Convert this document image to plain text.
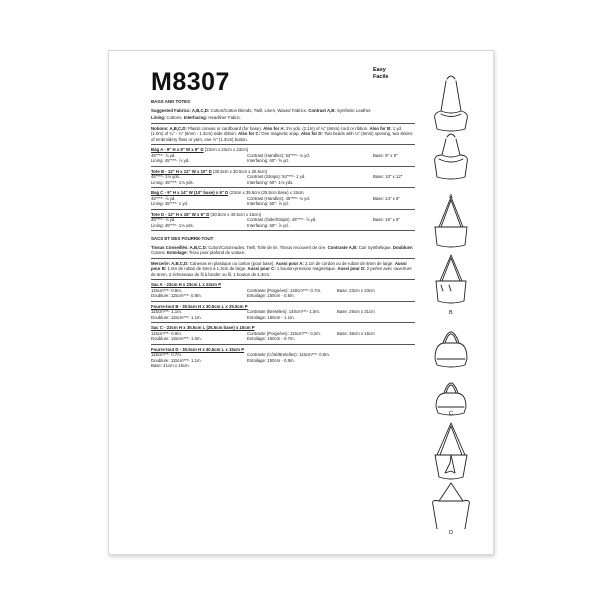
M8307	Easy
Facile
BAGS AND TOTES
Suggested Fabrics: A,B,C,D: Cotton/Cotton Blends, Twill, Linen, Waxed Fabrics. Contrast A,B: Synthetic Leather.
Lining: Cottons. Interfacing: Headliner Fabric.
Notions: A,B,C,D: Plastic canvas or cardboard (for base). Also for A: 2¾ yds. (2.1m) of ¼" (6mm) cord or ribbon. Also for B: 1 yd. (1.0m) of ¼" - ½" (6mm - 1.3cm) wide ribbon. Also for C: One magnetic snap. Also for D: Two beads with ¼" (6mm) opening, two skeins of embroidery floss or yarn, one ½" (1.3cm) button.
Bag A - 9" H x 9" W x 9" D (23cm x 23cm x 23cm)
45"***- ⅞ yd.	Contrast (Handles): 54"***- ⅛ yd.	Base: 9" x 9"
Lining: 45"***- ⅞ yd.	Interfacing: 60"- ⅝ yd.
Tote B - 12" H x 12" W x 10" D (30.5cm x 30.5cm x 25.5cm)
45"***- 1⅛ yds.	Contrast (Straps): 54"***- 1 yd.	Base: 10" x 12"
Lining: 45"***- 1⅛ yds.	Interfacing: 60"- 1⅛ yds.
Bag C - 9" H x 14" W (10" base) x 6" D (23cm x 35.5cm (25.5cm base) x 15cm
45"***- ⅞ yd.	Contrast (Handles): 45"***- ⅛ yd.	Base: 14" x 6"
Lining: 45"***- 1 yd.	Interfacing: 60"- ⅞ yd.
Tote D - 12" H x 16" W x 6" D (30.5cm x 40.5cm x 15cm)
45"***- ⅞ yd.	Contrast (Side/Straps): 45"***- ⅞ yd.	Base: 16" x 6"
Lining: 45"***- 1⅛ yds.	Interfacing: 60"- ⅞ yd.
SACS ET DES FOURRE-TOUT
Tissus Conseillés: A,B,C,D: Coton/Cotonnades, Twill, Toile de lin, Tissus recouvert de cire. Contraste A,B: Cuir Synthétique. Doublure: Cotons. Entoilage: Tissu pour plafond de voiture.
Mercerie: A,B,C,D: Canevas en plastique ou carton (pour base). Aussi pour A: 2.1m de cordon ou de ruban de 6mm de large. Aussi pour B: 1.0m de ruban de 6mm à 1.3cm de large. Aussi pour C: 1 bouton-pression magnétique. Aussi pour D: 2 perles avec ouverture de 6mm, 2 écheveaux de fil à broder ou fil, 1 bouton de 1.3cm.
Sac A - 23cm H x 23cm L x 23cm P
115cm***- 0.8m.	Contraste (Poignées): 140cm***- 0.7m.	Base: 23cm x 23cm
Doublure: 115cm***- 0.8m.	Entoilage: 150cm - 0.8m.
Fourre-tout B - 30.5cm H x 30.5cm L x 25.5cm P
115cm***- 1.1m.	Contraste (Bretelles): 140cm***- 1.0m.	Base: 26cm x 31cm
Doublure: 115cm***- 1.1m.	Entoilage: 150cm - 1.1m.
Sac C - 23cm H x 35.5cm L (25.5cm base) x 15cm P
115cm***- 0.9m.	Contraste (Poignées): 115cm***- 0.2m.	Base: 36cm x 15cm
Doublure: 115cm***- 1.0m.	Entoilage: 150cm - 0.7m.
Fourre-tout D - 30.5cm H x 40.5cm L x 15cm P
115cm***- 0.7m.	Contraste (Côté/Bretelles): 115cm***- 0.8m.
Doublure: 115cm***- 1.1m.	Entoilage: 150cm - 0.8m.
Base: 41cm x 15cm
A
B
C
D
